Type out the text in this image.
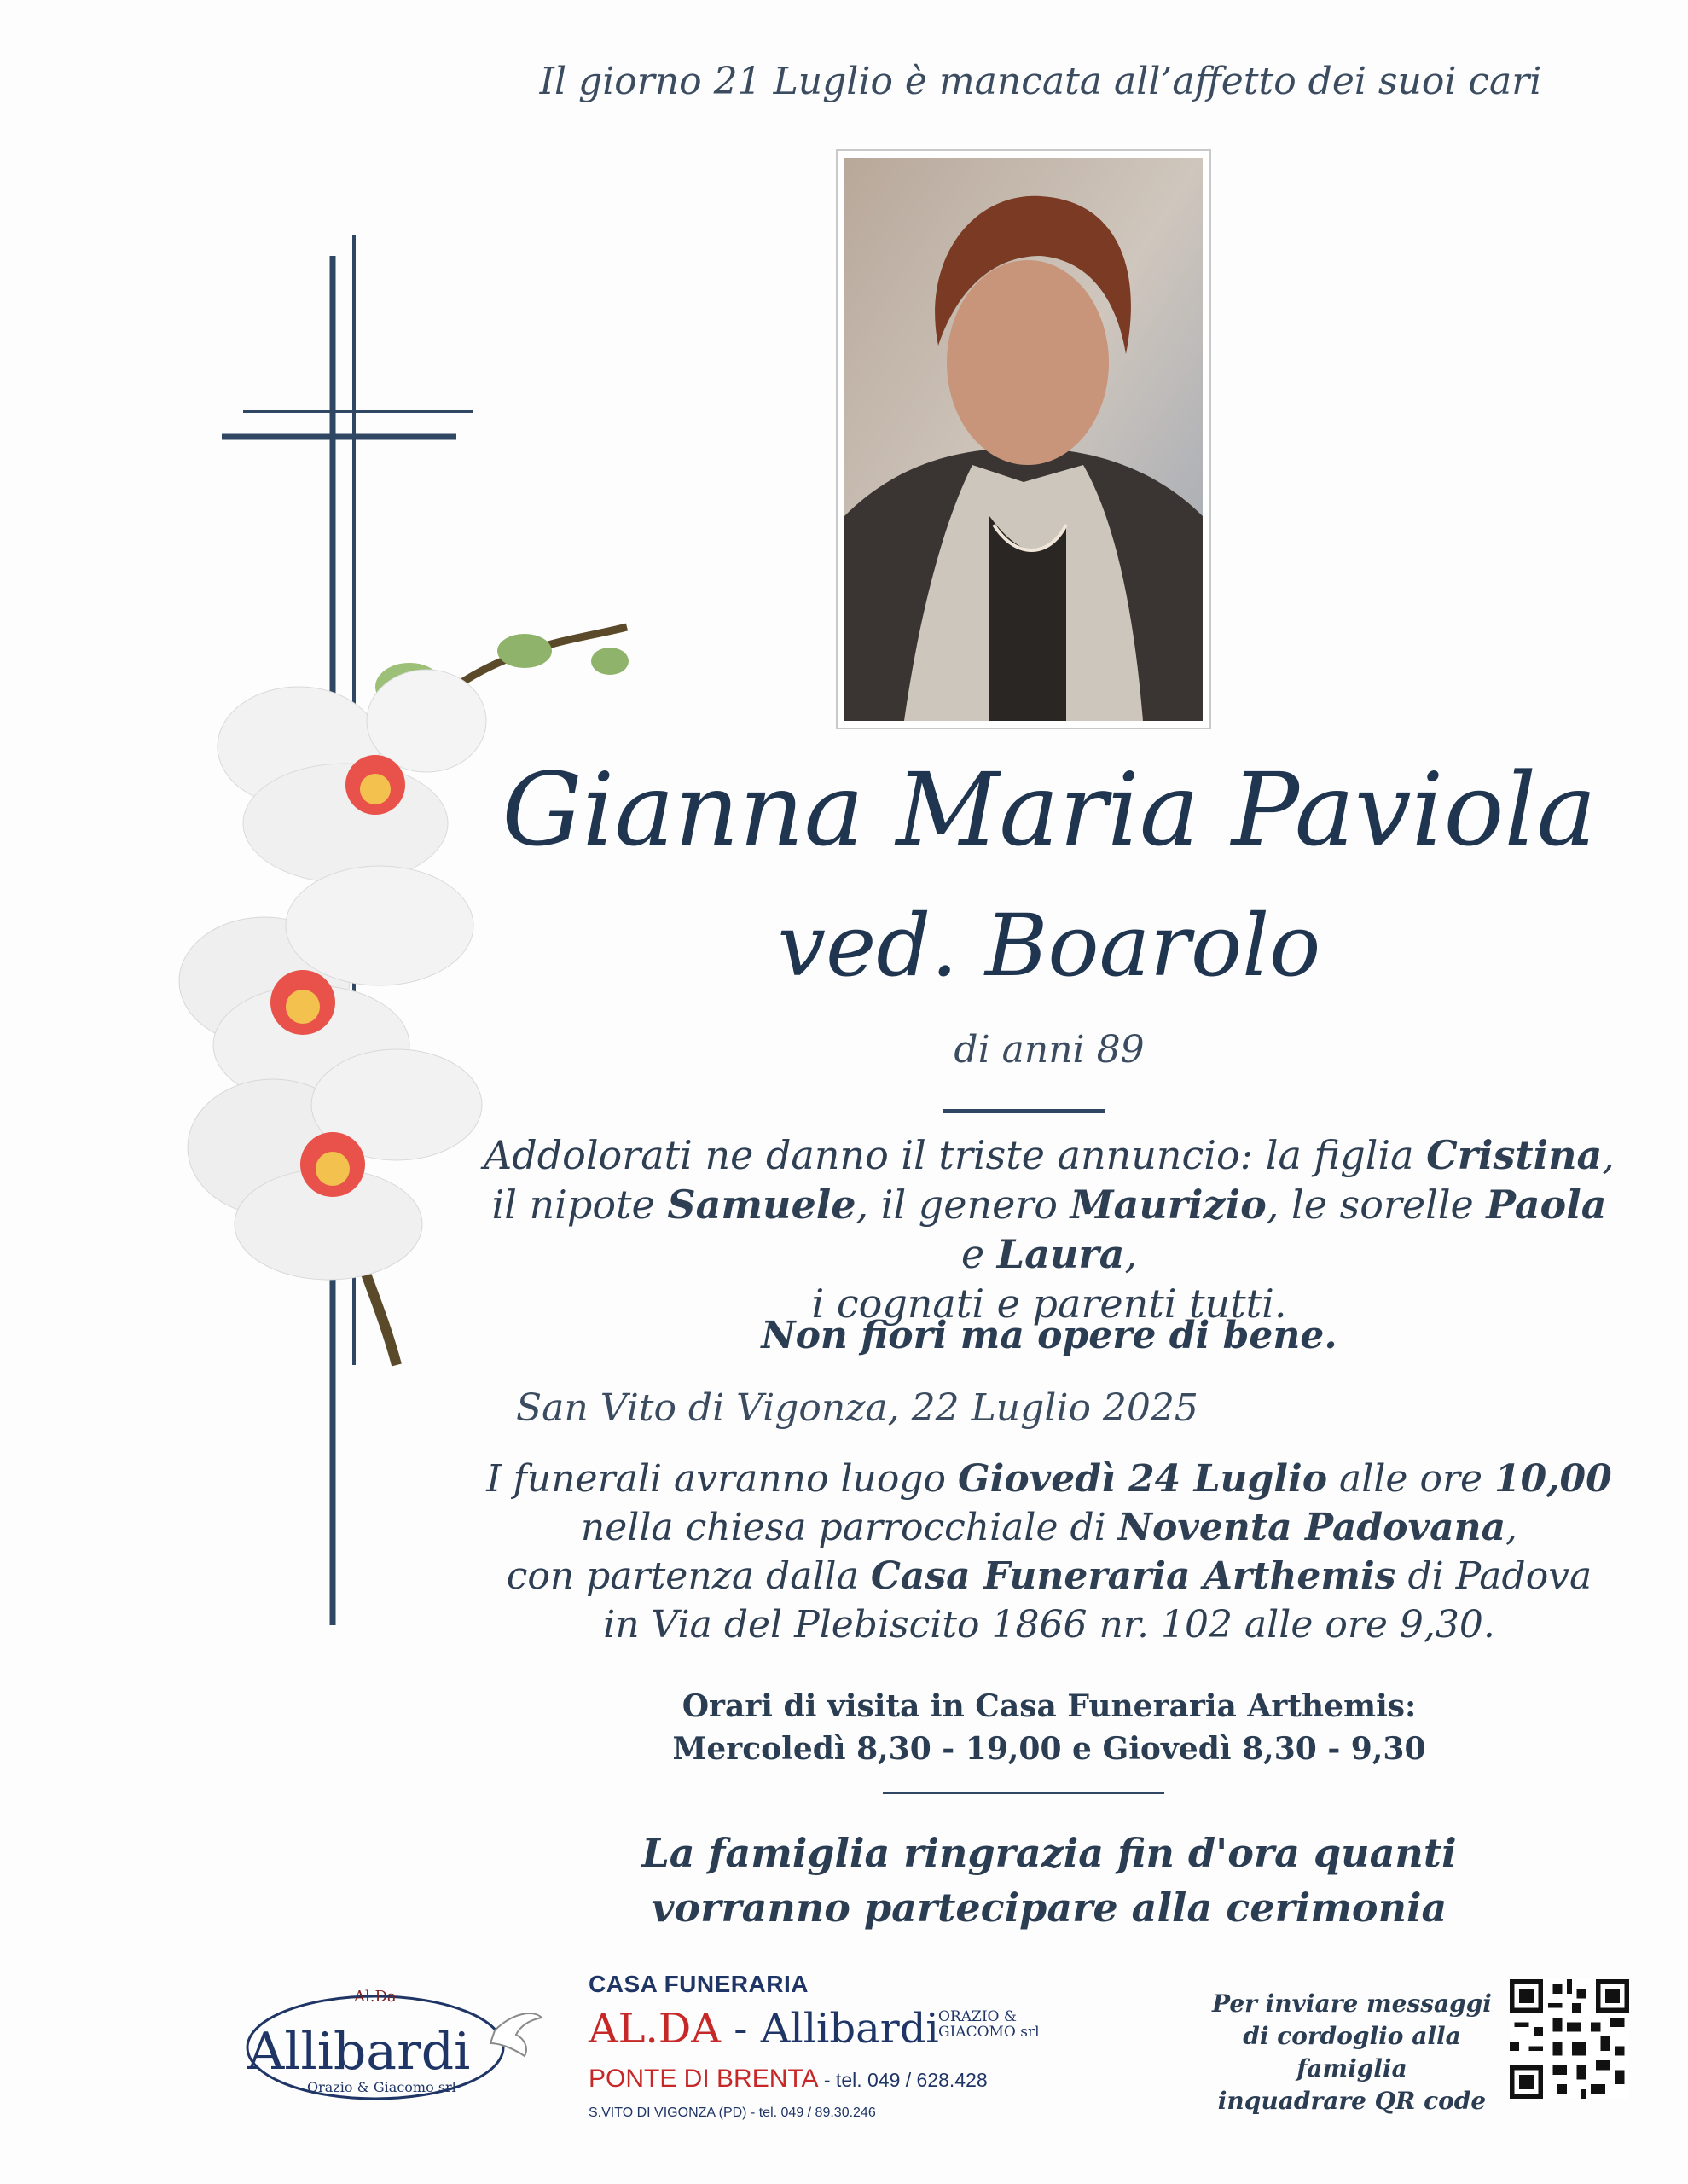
Il giorno 21 Luglio è mancata all’affetto dei suoi cari
Gianna Maria Paviola
ved. Boarolo
di anni 89
Addolorati ne danno il triste annuncio: la figlia Cristina,
il nipote Samuele, il genero Maurizio, le sorelle Paola e Laura,
i cognati e parenti tutti.
Non fiori ma opere di bene.
San Vito di Vigonza, 22 Luglio 2025
I funerali avranno luogo Giovedì 24 Luglio alle ore 10,00
nella chiesa parrocchiale di Noventa Padovana,
con partenza dalla Casa Funeraria Arthemis di Padova
in Via del Plebiscito 1866 nr. 102 alle ore 9,30.
Orari di visita in Casa Funeraria Arthemis:
Mercoledì 8,30 - 19,00 e Giovedì 8,30 - 9,30
La famiglia ringrazia fin d'ora quanti
vorranno partecipare alla cerimonia
Al.Da
Allibardi
Orazio & Giacomo srl
CASA FUNERARIA
AL.DA - Allibardi ORAZIO &
GIACOMO srl
PONTE DI BRENTA - tel. 049 / 628.428
S.VITO DI VIGONZA (PD) - tel. 049 / 89.30.246
Per inviare messaggi
di cordoglio alla famiglia
inquadrare QR code
